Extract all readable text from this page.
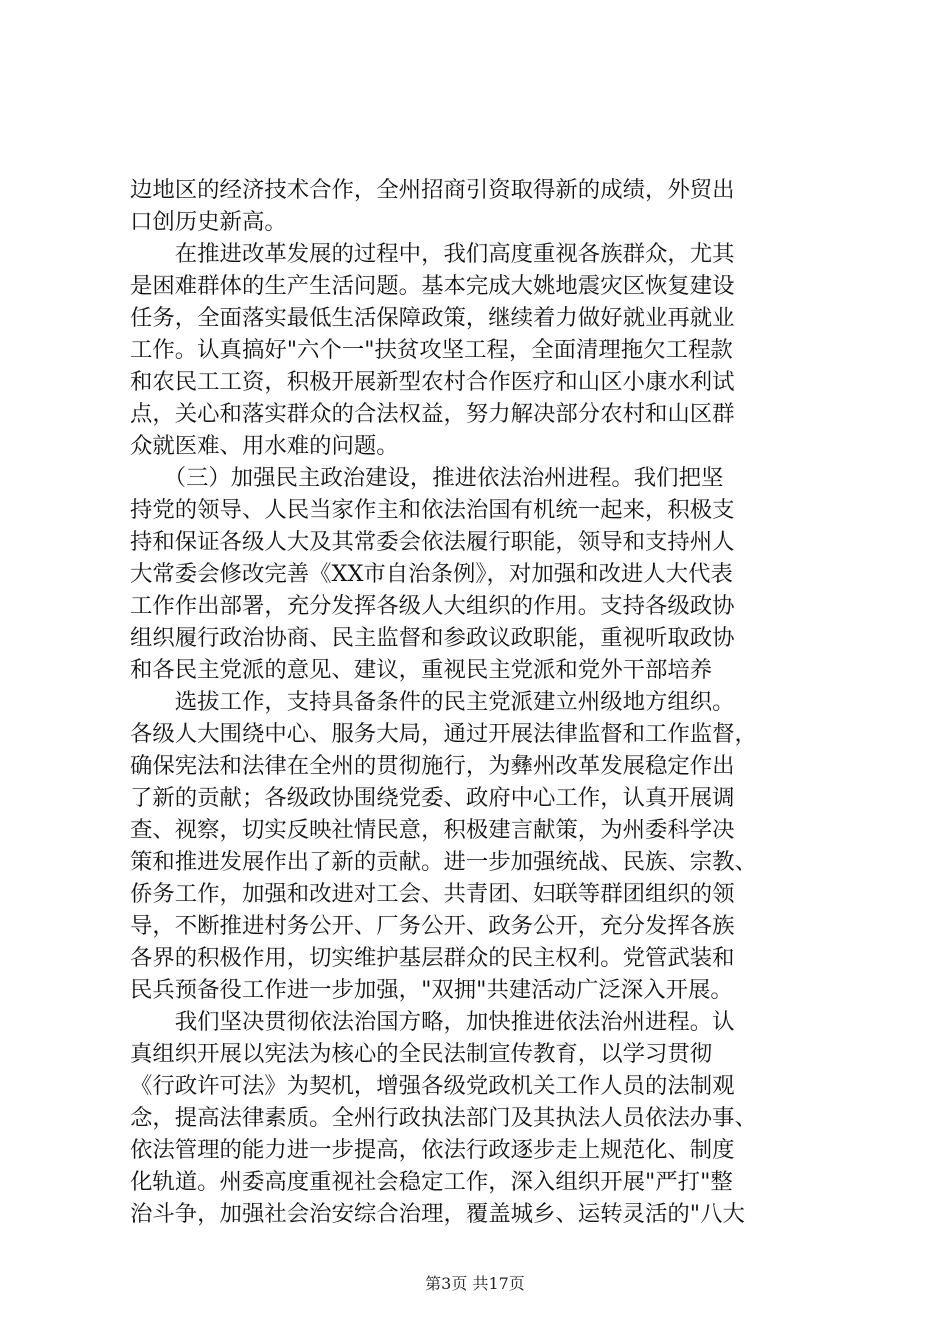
边地区的经济技术合作，全州招商引资取得新的成绩，外贸出
口创历史新高。
　　在推进改革发展的过程中，我们高度重视各族群众，尤其
是困难群体的生产生活问题。基本完成大姚地震灾区恢复建设
任务，全面落实最低生活保障政策，继续着力做好就业再就业
工作。认真搞好"六个一"扶贫攻坚工程，全面清理拖欠工程款
和农民工工资，积极开展新型农村合作医疗和山区小康水利试
点，关心和落实群众的合法权益，努力解决部分农村和山区群
众就医难、用水难的问题。
　　（三）加强民主政治建设，推进依法治州进程。我们把坚
持党的领导、人民当家作主和依法治国有机统一起来，积极支
持和保证各级人大及其常委会依法履行职能，领导和支持州人
大常委会修改完善《XX市自治条例》，对加强和改进人大代表
工作作出部署，充分发挥各级人大组织的作用。支持各级政协
组织履行政治协商、民主监督和参政议政职能，重视听取政协
和各民主党派的意见、建议，重视民主党派和党外干部培养
　　选拔工作，支持具备条件的民主党派建立州级地方组织。
各级人大围绕中心、服务大局，通过开展法律监督和工作监督，
确保宪法和法律在全州的贯彻施行，为彝州改革发展稳定作出
了新的贡献；各级政协围绕党委、政府中心工作，认真开展调
查、视察，切实反映社情民意，积极建言献策，为州委科学决
策和推进发展作出了新的贡献。进一步加强统战、民族、宗教、
侨务工作，加强和改进对工会、共青团、妇联等群团组织的领
导，不断推进村务公开、厂务公开、政务公开，充分发挥各族
各界的积极作用，切实维护基层群众的民主权利。党管武装和
民兵预备役工作进一步加强，"双拥"共建活动广泛深入开展。
　　我们坚决贯彻依法治国方略，加快推进依法治州进程。认
真组织开展以宪法为核心的全民法制宣传教育，以学习贯彻
《行政许可法》为契机，增强各级党政机关工作人员的法制观
念，提高法律素质。全州行政执法部门及其执法人员依法办事、
依法管理的能力进一步提高，依法行政逐步走上规范化、制度
化轨道。州委高度重视社会稳定工作，深入组织开展"严打"整
治斗争，加强社会治安综合治理，覆盖城乡、运转灵活的"八大
第3页 共17页
